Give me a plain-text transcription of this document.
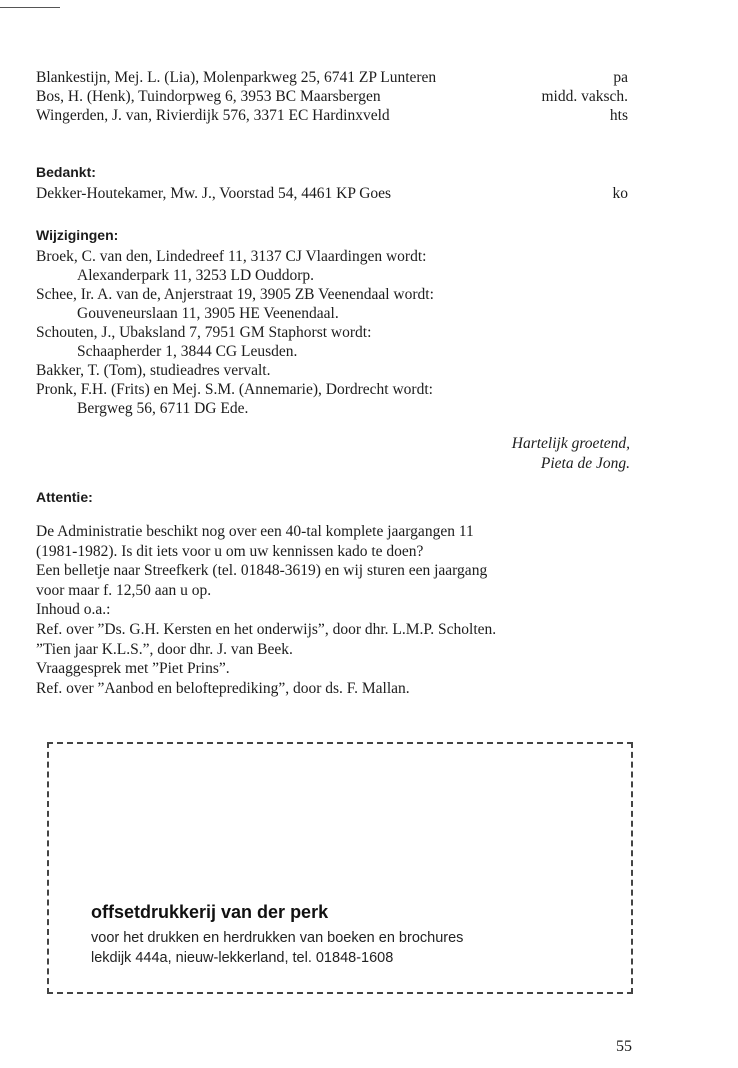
Blankestijn, Mej. L. (Lia), Molenparkweg 25, 6741 ZP Lunteren	pa
Bos, H. (Henk), Tuindorpweg 6, 3953 BC Maarsbergen	midd. vaksch.
Wingerden, J. van, Rivierdijk 576, 3371 EC Hardinxveld	hts
Bedankt:
Dekker-Houtekamer, Mw. J., Voorstad 54, 4461 KP Goes	ko
Wijzigingen:
Broek, C. van den, Lindedreef 11, 3137 CJ Vlaardingen wordt:
Alexanderpark 11, 3253 LD Ouddorp.
Schee, Ir. A. van de, Anjerstraat 19, 3905 ZB Veenendaal wordt:
Gouveneurslaan 11, 3905 HE Veenendaal.
Schouten, J., Ubaksland 7, 7951 GM Staphorst wordt:
Schaapherder 1, 3844 CG Leusden.
Bakker, T. (Tom), studieadres vervalt.
Pronk, F.H. (Frits) en Mej. S.M. (Annemarie), Dordrecht wordt:
Bergweg 56, 6711 DG Ede.
Hartelijk groetend,
Pieta de Jong.
Attentie:
De Administratie beschikt nog over een 40-tal komplete jaargangen 11
(1981-1982). Is dit iets voor u om uw kennissen kado te doen?
Een belletje naar Streefkerk (tel. 01848-3619) en wij sturen een jaargang
voor maar f. 12,50 aan u op.
Inhoud o.a.:
Ref. over ”Ds. G.H. Kersten en het onderwijs”, door dhr. L.M.P. Scholten.
”Tien jaar K.L.S.”, door dhr. J. van Beek.
Vraaggesprek met ”Piet Prins”.
Ref. over ”Aanbod en belofteprediking”, door ds. F. Mallan.
offsetdrukkerij van der perk
voor het drukken en herdrukken van boeken en brochures
lekdijk 444a, nieuw-lekkerland, tel. 01848-1608
55
